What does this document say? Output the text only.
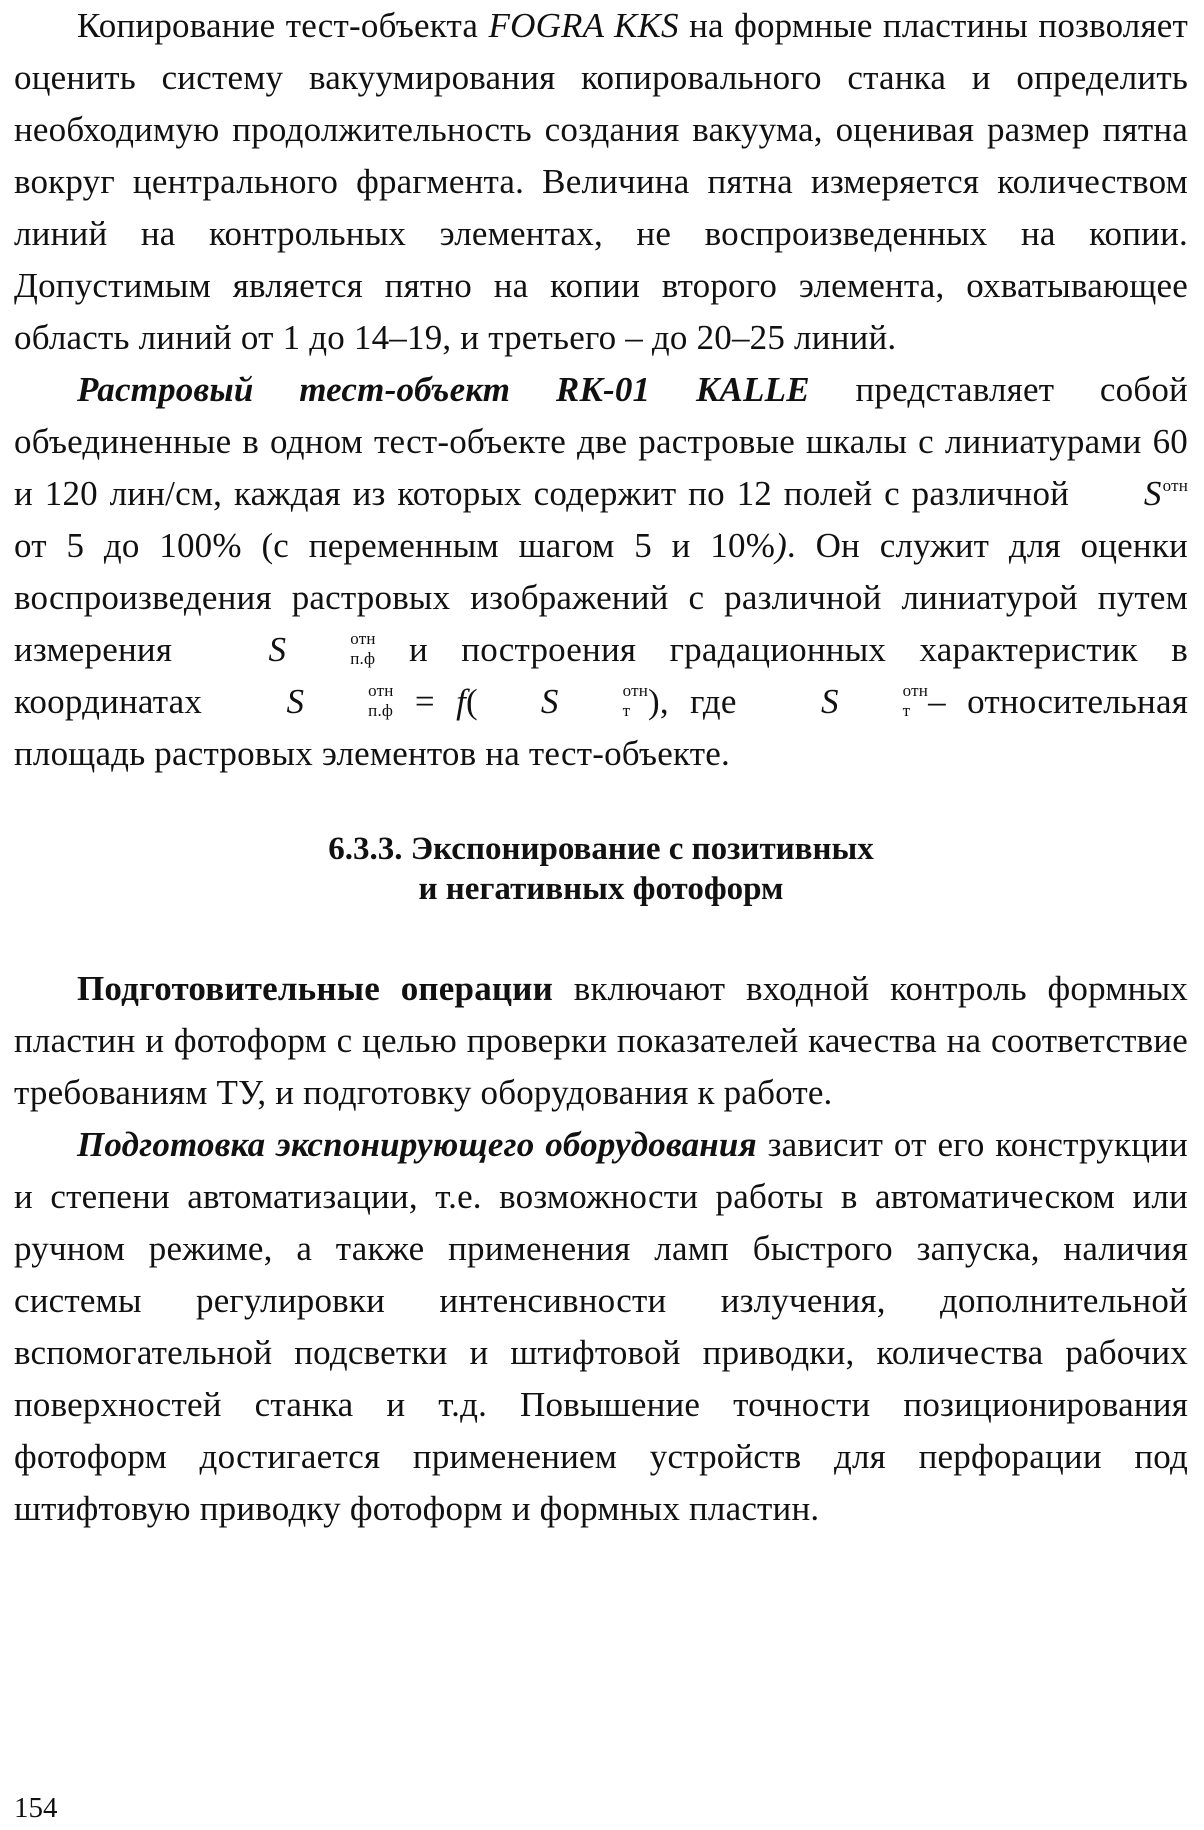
Копирование тест-объекта FOGRA KKS на формные пластины позволяет оценить систему вакуумирования копировального станка и определить необходимую продолжительность создания вакуума, оценивая размер пятна вокруг центрального фрагмента. Величина пятна измеряется количеством линий на контрольных элементах, не воспроизведенных на копии. Допустимым является пятно на копии второго элемента, охватывающее область линий от 1 до 14–19, и третьего – до 20–25 линий.

Растровый тест-объект RK-01 KALLE представляет собой объединенные в одном тест-объекте две растровые шкалы с линиатурами 60 и 120 лин/см, каждая из которых содержит по 12 полей с различной $S^{отн}$ от 5 до 100% (с переменным шагом 5 и 10%). Он служит для оценки воспроизведения растровых изображений с различной линиатурой путем измерения S	отн
п.ф и построения градационных характеристик в координатах S	отн
п.ф = f( S	отн
т ), где S	отн
т – относительная площадь растровых элементов на тест-объекте.

6.3.3. Экспонирование с позитивных
и негативных фотоформ

Подготовительные операции включают входной контроль формных пластин и фотоформ с целью проверки показателей качества на соответствие требованиям ТУ, и подготовку оборудования к работе.

Подготовка экспонирующего оборудования зависит от его конструкции и степени автоматизации, т.е. возможности работы в автоматическом или ручном режиме, а также применения ламп быстрого запуска, наличия системы регулировки интенсивности излучения, дополнительной вспомогательной подсветки и штифтовой приводки, количества рабочих поверхностей станка и т.д. Повышение точности позиционирования фотоформ достигается применением устройств для перфорации под штифтовую приводку фотоформ и формных пластин.

154
